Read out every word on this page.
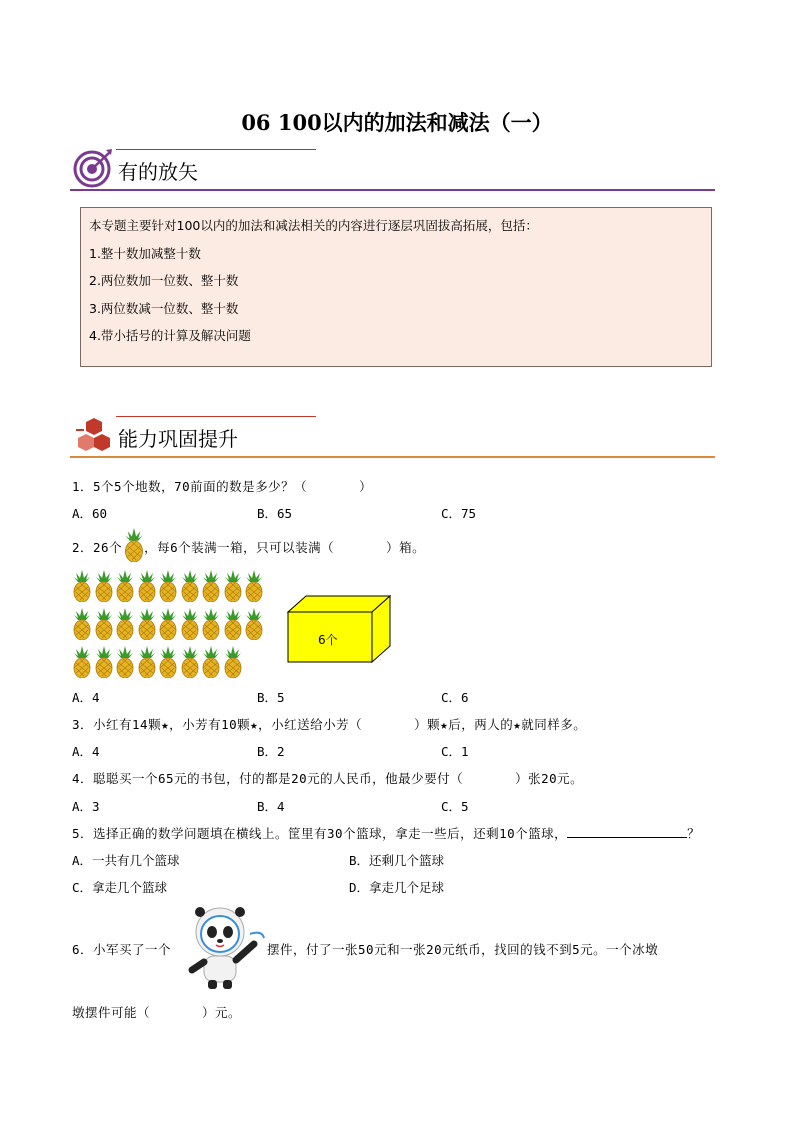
06 100以内的加法和减法（一）
有的放矢

本专题主要针对100以内的加法和减法相关的内容进行逐层巩固拔高拓展，包括：

1.整十数加减整十数

2.两位数加一位数、整十数

3.两位数减一位数、整十数

4.带小括号的计算及解决问题

能力巩固提升
1．5个5个地数，70前面的数是多少？（　　　　）
A．60	B．65	C．75
2．26个 ，每6个装满一箱，只可以装满（　　　　）箱。
6个
A．4	B．5	C．6
3．小红有14颗★，小芳有10颗★，小红送给小芳（　　　　）颗★后，两人的★就同样多。
A．4	B．2	C．1
4．聪聪买一个65元的书包，付的都是20元的人民币，他最少要付（　　　　）张20元。
A．3	B．4	C．5
5．选择正确的数学问题填在横线上。筐里有30个篮球，拿走一些后，还剩10个篮球，	？
A．一共有几个篮球	B．还剩几个篮球
C．拿走几个篮球	D．拿走几个足球
6．小军买了一个	摆件，付了一张50元和一张20元纸币，找回的钱不到5元。一个冰墩
墩摆件可能（　　　　）元。
